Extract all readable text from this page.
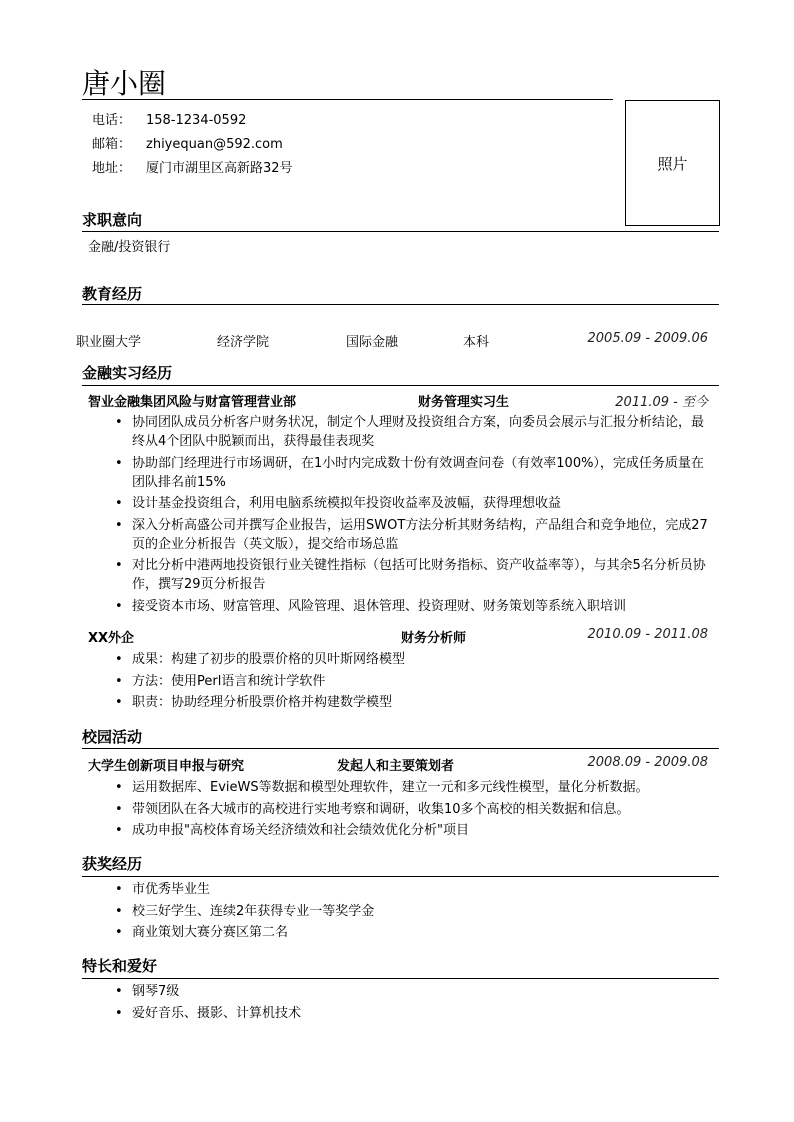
唐小圈
电话： 158-1234-0592
邮箱： zhiyequan@592.com
地址： 厦门市湖里区高新路32号	照片
求职意向
金融/投资银行
教育经历
职业圈大学	经济学院	国际金融	本科	2005.09 - 2009.06
金融实习经历
智业金融集团风险与财富管理营业部	财务管理实习生	2011.09 - 至今
• 协同团队成员分析客户财务状况，制定个人理财及投资组合方案，向委员会展示与汇报分析结论，最终从4个团队中脱颖而出，获得最佳表现奖
• 协助部门经理进行市场调研，在1小时内完成数十份有效调查问卷（有效率100%），完成任务质量在团队排名前15%
• 设计基金投资组合，利用电脑系统模拟年投资收益率及波幅，获得理想收益
• 深入分析高盛公司并撰写企业报告，运用SWOT方法分析其财务结构，产品组合和竞争地位，完成27页的企业分析报告（英文版），提交给市场总监
• 对比分析中港两地投资银行业关键性指标（包括可比财务指标、资产收益率等），与其余5名分析员协作，撰写29页分析报告
• 接受资本市场、财富管理、风险管理、退休管理、投资理财、财务策划等系统入职培训
XX外企	财务分析师	2010.09 - 2011.08
• 成果：构建了初步的股票价格的贝叶斯网络模型
• 方法：使用Perl语言和统计学软件
• 职责：协助经理分析股票价格并构建数学模型
校园活动
大学生创新项目申报与研究	发起人和主要策划者	2008.09 - 2009.08
• 运用数据库、EvieWS等数据和模型处理软件，建立一元和多元线性模型，量化分析数据。
• 带领团队在各大城市的高校进行实地考察和调研，收集10多个高校的相关数据和信息。
• 成功申报"高校体育场关经济绩效和社会绩效优化分析"项目
获奖经历
• 市优秀毕业生
• 校三好学生、连续2年获得专业一等奖学金
• 商业策划大赛分赛区第二名
特长和爱好
• 钢琴7级
• 爱好音乐、摄影、计算机技术
